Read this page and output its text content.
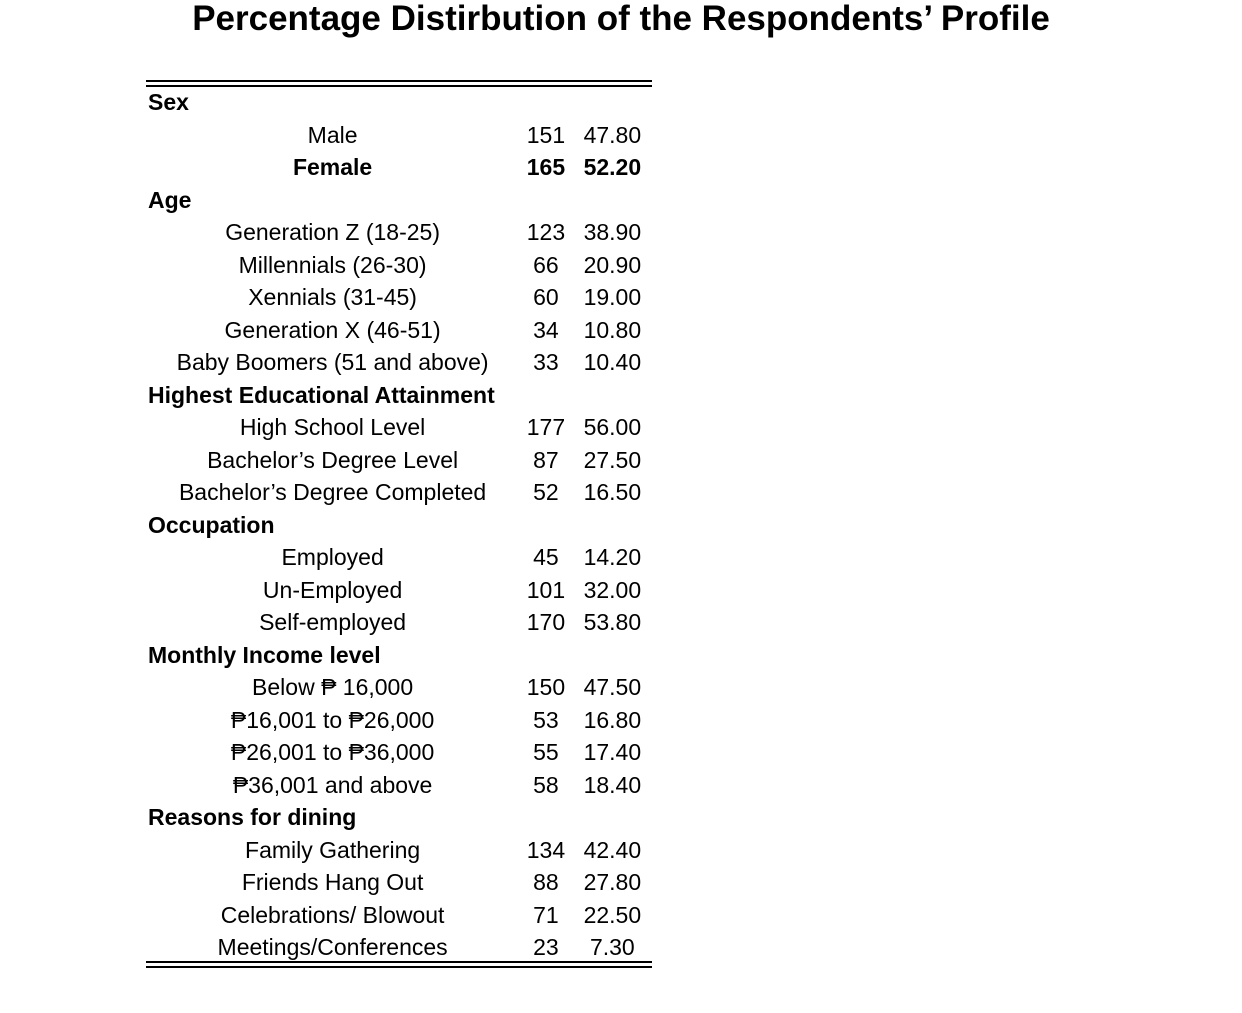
Percentage Distirbution of the Respondents’ Profile
Sex		
Male	151	47.80
Female	165	52.20
Age		
Generation Z (18-25)	123	38.90
Millennials (26-30)	66	20.90
Xennials (31-45)	60	19.00
Generation X (46-51)	34	10.80
Baby Boomers (51 and above)	33	10.40
Highest Educational Attainment		
High School Level	177	56.00
Bachelor’s Degree Level	87	27.50
Bachelor’s Degree Completed	52	16.50
Occupation		
Employed	45	14.20
Un-Employed	101	32.00
Self-employed	170	53.80
Monthly Income level		
Below ₱ 16,000	150	47.50
₱16,001 to ₱26,000	53	16.80
₱26,001 to ₱36,000	55	17.40
₱36,001 and above	58	18.40
Reasons for dining		
Family Gathering	134	42.40
Friends Hang Out	88	27.80
Celebrations/ Blowout	71	22.50
Meetings/Conferences	23	7.30
